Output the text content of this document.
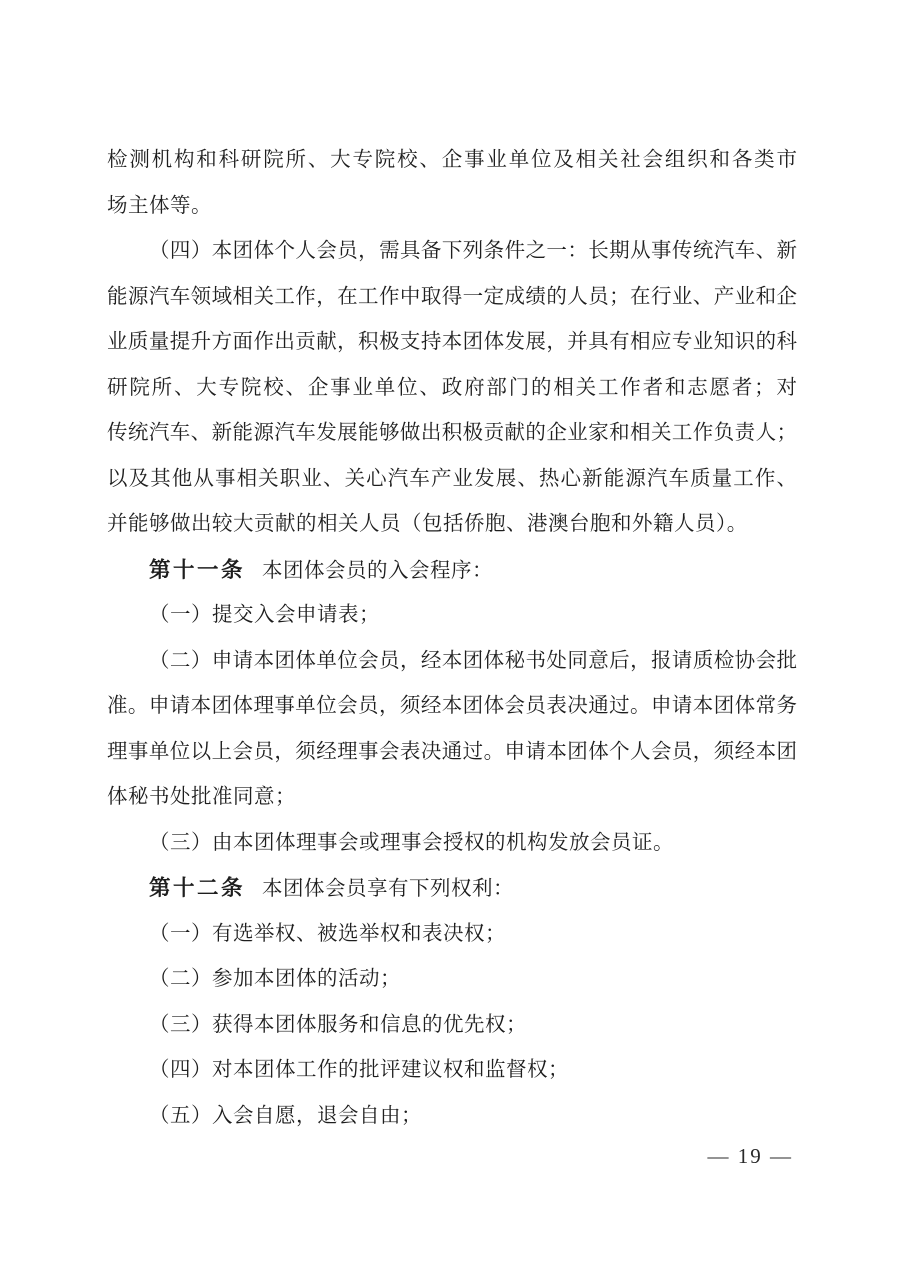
检测机构和科研院所、大专院校、企事业单位及相关社会组织和各类市
场主体等。
（四）本团体个人会员，需具备下列条件之一：长期从事传统汽车、新
能源汽车领域相关工作，在工作中取得一定成绩的人员；在行业、产业和企
业质量提升方面作出贡献，积极支持本团体发展，并具有相应专业知识的科
研院所、大专院校、企事业单位、政府部门的相关工作者和志愿者；对
传统汽车、新能源汽车发展能够做出积极贡献的企业家和相关工作负责人；
以及其他从事相关职业、关心汽车产业发展、热心新能源汽车质量工作、
并能够做出较大贡献的相关人员（包括侨胞、港澳台胞和外籍人员）。
第十一条 本团体会员的入会程序：
（一）提交入会申请表；
（二）申请本团体单位会员，经本团体秘书处同意后，报请质检协会批
准。申请本团体理事单位会员，须经本团体会员表决通过。申请本团体常务
理事单位以上会员，须经理事会表决通过。申请本团体个人会员，须经本团
体秘书处批准同意；
（三）由本团体理事会或理事会授权的机构发放会员证。
第十二条 本团体会员享有下列权利：
（一）有选举权、被选举权和表决权；
（二）参加本团体的活动；
（三）获得本团体服务和信息的优先权；
（四）对本团体工作的批评建议权和监督权；
（五）入会自愿，退会自由；
— 19 —
